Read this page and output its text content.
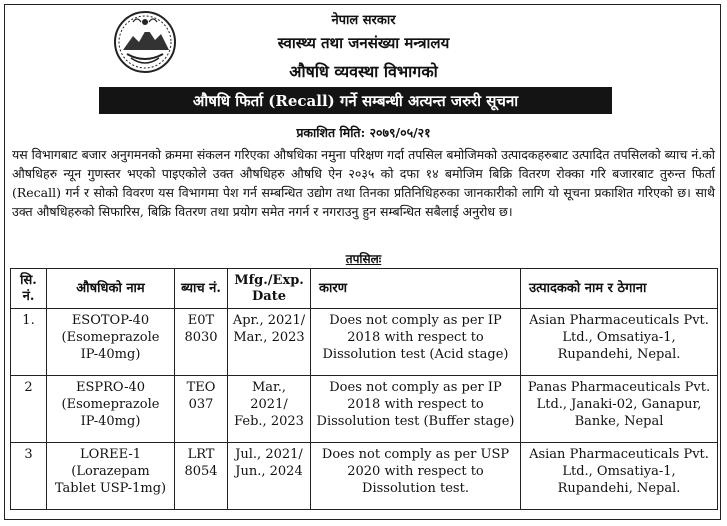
नेपाल सरकार
स्वास्थ्य तथा जनसंख्या मन्त्रालय
औषधि व्यवस्था विभागको
औषधि फिर्ता (Recall) गर्ने सम्बन्धी अत्यन्त जरुरी सूचना
प्रकाशित मिति: २०७९/०५/२१

यस विभागबाट बजार अनुगमनको क्रममा संकलन गरिएका औषधिका नमुना परिक्षण गर्दा तपसिल बमोजिमको उत्पादकहरुबाट उत्पादित तपसिलको ब्याच नं.को औषधिहरु न्यून गुणस्तर भएको पाइएकोले उक्त औषधिहरु औषधि ऐन २०३५ को दफा १४ बमोजिम बिक्रि वितरण रोक्का गरि बजारबाट तुरुन्त फिर्ता (Recall) गर्न र सोको विवरण यस विभागमा पेश गर्न सम्बन्धित उद्योग तथा तिनका प्रतिनिधिहरुका जानकारीको लागि यो सूचना प्रकाशित गरिएको छ। साथै उक्त औषधिहरुको सिफारिस, बिक्रि वितरण तथा प्रयोग समेत नगर्न र नगराउनु हुन सम्बन्धित सबैलाई अनुरोध छ।

तपसिलः
सि. नं.	औषधिको नाम	ब्याच नं.	Mfg./Exp. Date	कारण	उत्पादकको नाम र ठेगाना
1.	ESOTOP-40 (Esomeprazole IP-40mg)	E0T 8030	Apr., 2021/ Mar., 2023	Does not comply as per IP 2018 with respect to Dissolution test (Acid stage)	Asian Pharmaceuticals Pvt. Ltd., Omsatiya-1, Rupandehi, Nepal.
2	ESPRO-40 (Esomeprazole IP-40mg)	TEO 037	Mar., 2021/ Feb., 2023	Does not comply as per IP 2018 with respect to Dissolution test (Buffer stage)	Panas Pharmaceuticals Pvt. Ltd., Janaki-02, Ganapur, Banke, Nepal
3	LOREE-1 (Lorazepam Tablet USP-1mg)	LRT 8054	Jul., 2021/ Jun., 2024	Does not comply as per USP 2020 with respect to Dissolution test.	Asian Pharmaceuticals Pvt. Ltd., Omsatiya-1, Rupandehi, Nepal.
